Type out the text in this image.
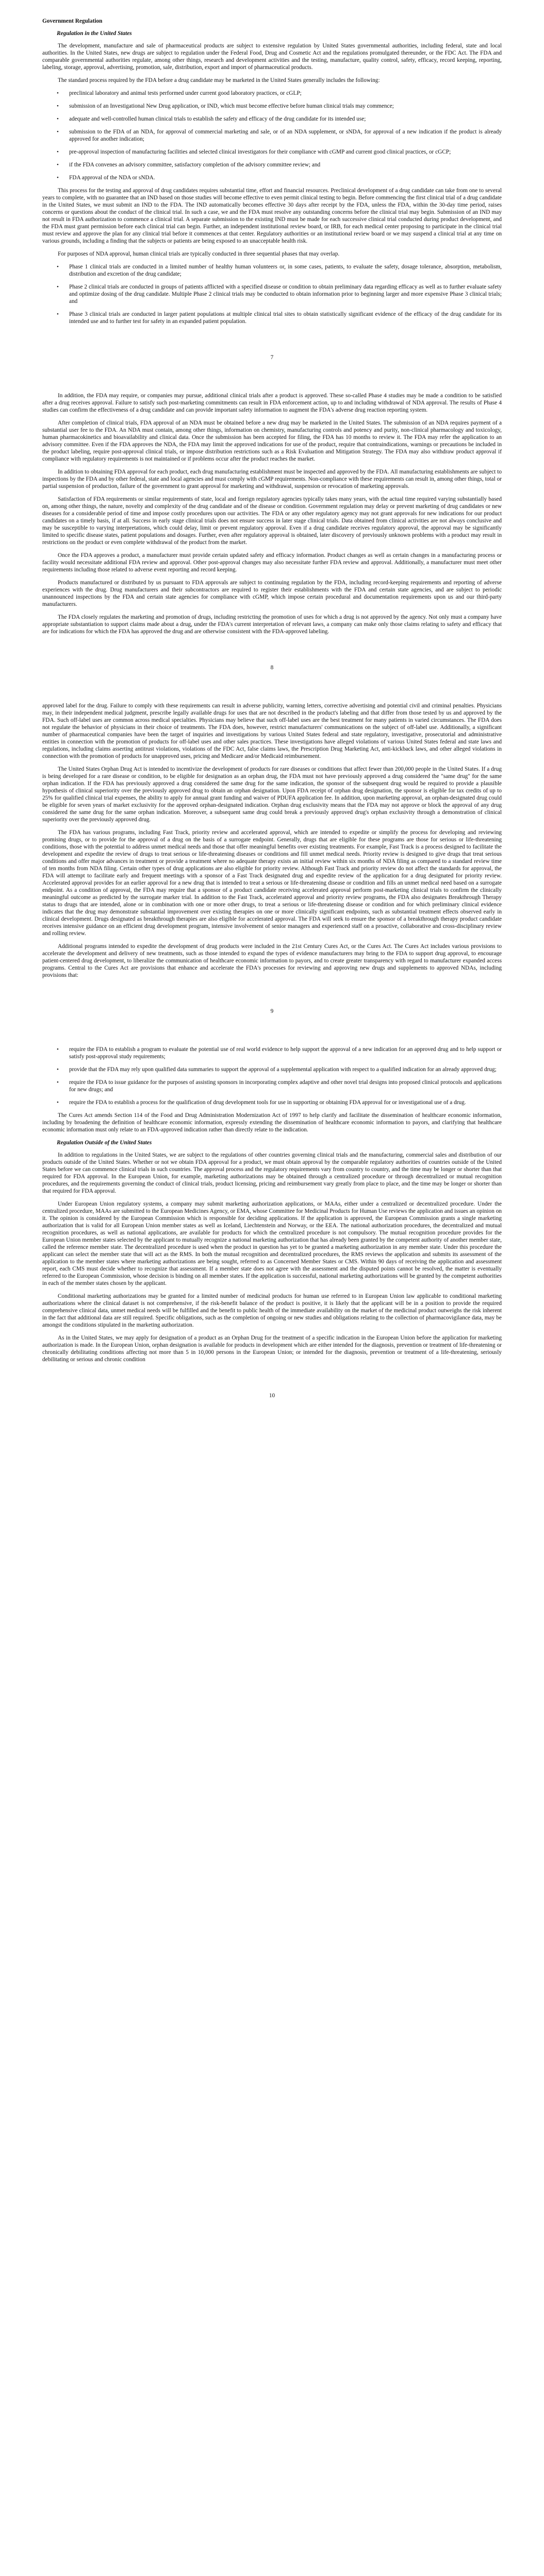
Government Regulation
Regulation in the United States

The development, manufacture and sale of pharmaceutical products are subject to extensive regulation by United States governmental authorities, including federal, state and local authorities. In the United States, new drugs are subject to regulation under the Federal Food, Drug and Cosmetic Act and the regulations promulgated thereunder, or the FDC Act. The FDA and comparable governmental authorities regulate, among other things, research and development activities and the testing, manufacture, quality control, safety, efficacy, record keeping, reporting, labeling, storage, approval, advertising, promotion, sale, distribution, export and import of pharmaceutical products.

The standard process required by the FDA before a drug candidate may be marketed in the United States generally includes the following:

• preclinical laboratory and animal tests performed under current good laboratory practices, or cGLP;
• submission of an Investigational New Drug application, or IND, which must become effective before human clinical trials may commence;
• adequate and well-controlled human clinical trials to establish the safety and efficacy of the drug candidate for its intended use;
• submission to the FDA of an NDA, for approval of commercial marketing and sale, or of an NDA supplement, or sNDA, for approval of a new indication if the product is already approved for another indication;
• pre-approval inspection of manufacturing facilities and selected clinical investigators for their compliance with cGMP and current good clinical practices, or cGCP;
• if the FDA convenes an advisory committee, satisfactory completion of the advisory committee review; and
• FDA approval of the NDA or sNDA.

This process for the testing and approval of drug candidates requires substantial time, effort and financial resources. Preclinical development of a drug candidate can take from one to several years to complete, with no guarantee that an IND based on those studies will become effective to even permit clinical testing to begin. Before commencing the first clinical trial of a drug candidate in the United States, we must submit an IND to the FDA. The IND automatically becomes effective 30 days after receipt by the FDA, unless the FDA, within the 30-day time period, raises concerns or questions about the conduct of the clinical trial. In such a case, we and the FDA must resolve any outstanding concerns before the clinical trial may begin. Submission of an IND may not result in FDA authorization to commence a clinical trial. A separate submission to the existing IND must be made for each successive clinical trial conducted during product development, and the FDA must grant permission before each clinical trial can begin. Further, an independent institutional review board, or IRB, for each medical center proposing to participate in the clinical trial must review and approve the plan for any clinical trial before it commences at that center. Regulatory authorities or an institutional review board or we may suspend a clinical trial at any time on various grounds, including a finding that the subjects or patients are being exposed to an unacceptable health risk.

For purposes of NDA approval, human clinical trials are typically conducted in three sequential phases that may overlap.

• Phase 1 clinical trials are conducted in a limited number of healthy human volunteers or, in some cases, patients, to evaluate the safety, dosage tolerance, absorption, metabolism, distribution and excretion of the drug candidate;
• Phase 2 clinical trials are conducted in groups of patients afflicted with a specified disease or condition to obtain preliminary data regarding efficacy as well as to further evaluate safety and optimize dosing of the drug candidate. Multiple Phase 2 clinical trials may be conducted to obtain information prior to beginning larger and more expensive Phase 3 clinical trials; and
• Phase 3 clinical trials are conducted in larger patient populations at multiple clinical trial sites to obtain statistically significant evidence of the efficacy of the drug candidate for its intended use and to further test for safety in an expanded patient population.
7

In addition, the FDA may require, or companies may pursue, additional clinical trials after a product is approved. These so-called Phase 4 studies may be made a condition to be satisfied after a drug receives approval. Failure to satisfy such post-marketing commitments can result in FDA enforcement action, up to and including withdrawal of NDA approval. The results of Phase 4 studies can confirm the effectiveness of a drug candidate and can provide important safety information to augment the FDA's adverse drug reaction reporting system.

After completion of clinical trials, FDA approval of an NDA must be obtained before a new drug may be marketed in the United States. The submission of an NDA requires payment of a substantial user fee to the FDA. An NDA must contain, among other things, information on chemistry, manufacturing controls and potency and purity, non-clinical pharmacology and toxicology, human pharmacokinetics and bioavailability and clinical data. Once the submission has been accepted for filing, the FDA has 10 months to review it. The FDA may refer the application to an advisory committee. Even if the FDA approves the NDA, the FDA may limit the approved indications for use of the product, require that contraindications, warnings or precautions be included in the product labeling, require post-approval clinical trials, or impose distribution restrictions such as a Risk Evaluation and Mitigation Strategy. The FDA may also withdraw product approval if compliance with regulatory requirements is not maintained or if problems occur after the product reaches the market.

In addition to obtaining FDA approval for each product, each drug manufacturing establishment must be inspected and approved by the FDA. All manufacturing establishments are subject to inspections by the FDA and by other federal, state and local agencies and must comply with cGMP requirements. Non-compliance with these requirements can result in, among other things, total or partial suspension of production, failure of the government to grant approval for marketing and withdrawal, suspension or revocation of marketing approvals.

Satisfaction of FDA requirements or similar requirements of state, local and foreign regulatory agencies typically takes many years, with the actual time required varying substantially based on, among other things, the nature, novelty and complexity of the drug candidate and of the disease or condition. Government regulation may delay or prevent marketing of drug candidates or new diseases for a considerable period of time and impose costly procedures upon our activities. The FDA or any other regulatory agency may not grant approvals for new indications for our product candidates on a timely basis, if at all. Success in early stage clinical trials does not ensure success in later stage clinical trials. Data obtained from clinical activities are not always conclusive and may be susceptible to varying interpretations, which could delay, limit or prevent regulatory approval. Even if a drug candidate receives regulatory approval, the approval may be significantly limited to specific disease states, patient populations and dosages. Further, even after regulatory approval is obtained, later discovery of previously unknown problems with a product may result in restrictions on the product or even complete withdrawal of the product from the market.

Once the FDA approves a product, a manufacturer must provide certain updated safety and efficacy information. Product changes as well as certain changes in a manufacturing process or facility would necessitate additional FDA review and approval. Other post-approval changes may also necessitate further FDA review and approval. Additionally, a manufacturer must meet other requirements including those related to adverse event reporting and record keeping.

Products manufactured or distributed by us pursuant to FDA approvals are subject to continuing regulation by the FDA, including record-keeping requirements and reporting of adverse experiences with the drug. Drug manufacturers and their subcontractors are required to register their establishments with the FDA and certain state agencies, and are subject to periodic unannounced inspections by the FDA and certain state agencies for compliance with cGMP, which impose certain procedural and documentation requirements upon us and our third-party manufacturers.

The FDA closely regulates the marketing and promotion of drugs, including restricting the promotion of uses for which a drug is not approved by the agency. Not only must a company have appropriate substantiation to support claims made about a drug, under the FDA's current interpretation of relevant laws, a company can make only those claims relating to safety and efficacy that are for indications for which the FDA has approved the drug and are otherwise consistent with the FDA-approved labeling.

8

approved label for the drug. Failure to comply with these requirements can result in adverse publicity, warning letters, corrective advertising and potential civil and criminal penalties. Physicians may, in their independent medical judgment, prescribe legally available drugs for uses that are not described in the product's labeling and that differ from those tested by us and approved by the FDA. Such off-label uses are common across medical specialties. Physicians may believe that such off-label uses are the best treatment for many patients in varied circumstances. The FDA does not regulate the behavior of physicians in their choice of treatments. The FDA does, however, restrict manufacturers' communications on the subject of off-label use. Additionally, a significant number of pharmaceutical companies have been the target of inquiries and investigations by various United States federal and state regulatory, investigative, prosecutorial and administrative entities in connection with the promotion of products for off-label uses and other sales practices. These investigations have alleged violations of various United States federal and state laws and regulations, including claims asserting antitrust violations, violations of the FDC Act, false claims laws, the Prescription Drug Marketing Act, anti-kickback laws, and other alleged violations in connection with the promotion of products for unapproved uses, pricing and Medicare and/or Medicaid reimbursement.

The United States Orphan Drug Act is intended to incentivize the development of products for rare diseases or conditions that affect fewer than 200,000 people in the United States. If a drug is being developed for a rare disease or condition, to be eligible for designation as an orphan drug, the FDA must not have previously approved a drug considered the "same drug" for the same orphan indication. If the FDA has previously approved a drug considered the same drug for the same indication, the sponsor of the subsequent drug would be required to provide a plausible hypothesis of clinical superiority over the previously approved drug to obtain an orphan designation. Upon FDA receipt of orphan drug designation, the sponsor is eligible for tax credits of up to 25% for qualified clinical trial expenses, the ability to apply for annual grant funding and waiver of PDUFA application fee. In addition, upon marketing approval, an orphan-designated drug could be eligible for seven years of market exclusivity for the approved orphan-designated indication. Orphan drug exclusivity means that the FDA may not approve or block the approval of any drug considered the same drug for the same orphan indication. Moreover, a subsequent same drug could break a previously approved drug's orphan exclusivity through a demonstration of clinical superiority over the previously approved drug.

The FDA has various programs, including Fast Track, priority review and accelerated approval, which are intended to expedite or simplify the process for developing and reviewing promising drugs, or to provide for the approval of a drug on the basis of a surrogate endpoint. Generally, drugs that are eligible for these programs are those for serious or life-threatening conditions, those with the potential to address unmet medical needs and those that offer meaningful benefits over existing treatments. For example, Fast Track is a process designed to facilitate the development and expedite the review of drugs to treat serious or life-threatening diseases or conditions and fill unmet medical needs. Priority review is designed to give drugs that treat serious conditions and offer major advances in treatment or provide a treatment where no adequate therapy exists an initial review within six months of NDA filing as compared to a standard review time of ten months from NDA filing. Certain other types of drug applications are also eligible for priority review. Although Fast Track and priority review do not affect the standards for approval, the FDA will attempt to facilitate early and frequent meetings with a sponsor of a Fast Track designated drug and expedite review of the application for a drug designated for priority review. Accelerated approval provides for an earlier approval for a new drug that is intended to treat a serious or life-threatening disease or condition and fills an unmet medical need based on a surrogate endpoint. As a condition of approval, the FDA may require that a sponsor of a product candidate receiving accelerated approval perform post-marketing clinical trials to confirm the clinically meaningful outcome as predicted by the surrogate marker trial. In addition to the Fast Track, accelerated approval and priority review programs, the FDA also designates Breakthrough Therapy status to drugs that are intended, alone or in combination with one or more other drugs, to treat a serious or life-threatening disease or condition and for which preliminary clinical evidence indicates that the drug may demonstrate substantial improvement over existing therapies on one or more clinically significant endpoints, such as substantial treatment effects observed early in clinical development. Drugs designated as breakthrough therapies are also eligible for accelerated approval. The FDA will seek to ensure the sponsor of a breakthrough therapy product candidate receives intensive guidance on an efficient drug development program, intensive involvement of senior managers and experienced staff on a proactive, collaborative and cross-disciplinary review and rolling review.

Additional programs intended to expedite the development of drug products were included in the 21st Century Cures Act, or the Cures Act. The Cures Act includes various provisions to accelerate the development and delivery of new treatments, such as those intended to expand the types of evidence manufacturers may bring to the FDA to support drug approval, to encourage patient-centered drug development, to liberalize the communication of healthcare economic information to payors, and to create greater transparency with regard to manufacturer expanded access programs. Central to the Cures Act are provisions that enhance and accelerate the FDA's processes for reviewing and approving new drugs and supplements to approved NDAs, including provisions that:

9
• require the FDA to establish a program to evaluate the potential use of real world evidence to help support the approval of a new indication for an approved drug and to help support or satisfy post-approval study requirements;
• provide that the FDA may rely upon qualified data summaries to support the approval of a supplemental application with respect to a qualified indication for an already approved drug;
• require the FDA to issue guidance for the purposes of assisting sponsors in incorporating complex adaptive and other novel trial designs into proposed clinical protocols and applications for new drugs; and
• require the FDA to establish a process for the qualification of drug development tools for use in supporting or obtaining FDA approval for or investigational use of a drug.

The Cures Act amends Section 114 of the Food and Drug Administration Modernization Act of 1997 to help clarify and facilitate the dissemination of healthcare economic information, including by broadening the definition of healthcare economic information, expressly extending the dissemination of healthcare economic information to payors, and clarifying that healthcare economic information must only relate to an FDA-approved indication rather than directly relate to the indication.

Regulation Outside of the United States

In addition to regulations in the United States, we are subject to the regulations of other countries governing clinical trials and the manufacturing, commercial sales and distribution of our products outside of the United States. Whether or not we obtain FDA approval for a product, we must obtain approval by the comparable regulatory authorities of countries outside of the United States before we can commence clinical trials in such countries. The approval process and the regulatory requirements vary from country to country, and the time may be longer or shorter than that required for FDA approval. In the European Union, for example, marketing authorizations may be obtained through a centralized procedure or through decentralized or mutual recognition procedures, and the requirements governing the conduct of clinical trials, product licensing, pricing and reimbursement vary greatly from place to place, and the time may be longer or shorter than that required for FDA approval.

Under European Union regulatory systems, a company may submit marketing authorization applications, or MAAs, either under a centralized or decentralized procedure. Under the centralized procedure, MAAs are submitted to the European Medicines Agency, or EMA, whose Committee for Medicinal Products for Human Use reviews the application and issues an opinion on it. The opinion is considered by the European Commission which is responsible for deciding applications. If the application is approved, the European Commission grants a single marketing authorization that is valid for all European Union member states as well as Iceland, Liechtenstein and Norway, or the EEA. The national authorization procedures, the decentralized and mutual recognition procedures, as well as national applications, are available for products for which the centralized procedure is not compulsory. The mutual recognition procedure provides for the European Union member states selected by the applicant to mutually recognize a national marketing authorization that has already been granted by the competent authority of another member state, called the reference member state. The decentralized procedure is used when the product in question has yet to be granted a marketing authorization in any member state. Under this procedure the applicant can select the member state that will act as the RMS. In both the mutual recognition and decentralized procedures, the RMS reviews the application and submits its assessment of the application to the member states where marketing authorizations are being sought, referred to as Concerned Member States or CMS. Within 90 days of receiving the application and assessment report, each CMS must decide whether to recognize that assessment. If a member state does not agree with the assessment and the disputed points cannot be resolved, the matter is eventually referred to the European Commission, whose decision is binding on all member states. If the application is successful, national marketing authorizations will be granted by the competent authorities in each of the member states chosen by the applicant.

Conditional marketing authorizations may be granted for a limited number of medicinal products for human use referred to in European Union law applicable to conditional marketing authorizations where the clinical dataset is not comprehensive, if the risk-benefit balance of the product is positive, it is likely that the applicant will be in a position to provide the required comprehensive clinical data, unmet medical needs will be fulfilled and the benefit to public health of the immediate availability on the market of the medicinal product outweighs the risk inherent in the fact that additional data are still required. Specific obligations, such as the completion of ongoing or new studies and obligations relating to the collection of pharmacovigilance data, may be amongst the conditions stipulated in the marketing authorization.

As in the United States, we may apply for designation of a product as an Orphan Drug for the treatment of a specific indication in the European Union before the application for marketing authorization is made. In the European Union, orphan designation is available for products in development which are either intended for the diagnosis, prevention or treatment of life-threatening or chronically debilitating conditions affecting not more than 5 in 10,000 persons in the European Union; or intended for the diagnosis, prevention or treatment of a life-threatening, seriously debilitating or serious and chronic condition

10
